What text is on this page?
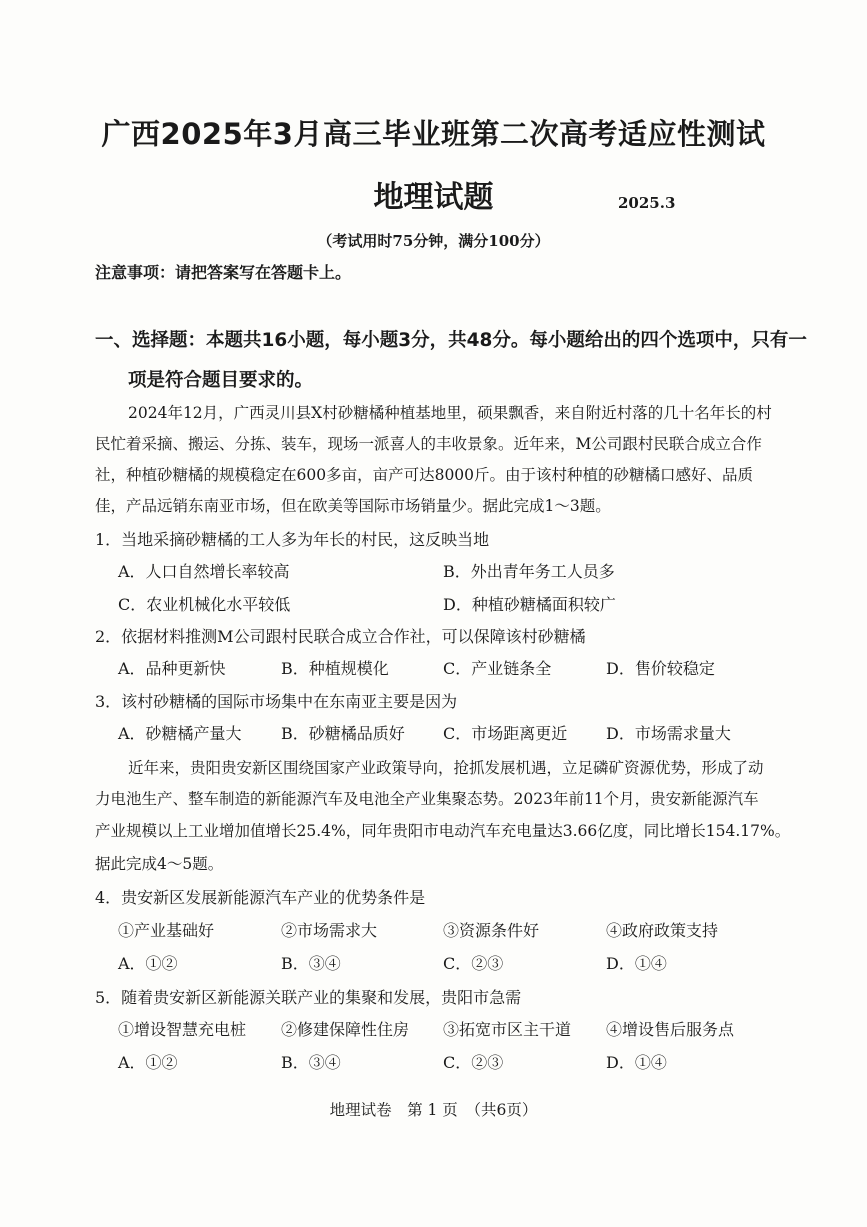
广西2025年3月高三毕业班第二次高考适应性测试
地理试题	2025.3
（考试用时75分钟，满分100分）
注意事项：请把答案写在答题卡上。
一、选择题：本题共16小题，每小题3分，共48分。每小题给出的四个选项中，只有一
项是符合题目要求的。
2024年12月，广西灵川县X村砂糖橘种植基地里，硕果飘香，来自附近村落的几十名年长的村
民忙着采摘、搬运、分拣、装车，现场一派喜人的丰收景象。近年来，M公司跟村民联合成立合作
社，种植砂糖橘的规模稳定在600多亩，亩产可达8000斤。由于该村种植的砂糖橘口感好、品质
佳，产品远销东南亚市场，但在欧美等国际市场销量少。据此完成1～3题。
1．当地采摘砂糖橘的工人多为年长的村民，这反映当地
A．人口自然增长率较高	B．外出青年务工人员多
C．农业机械化水平较低	D．种植砂糖橘面积较广
2．依据材料推测M公司跟村民联合成立合作社，可以保障该村砂糖橘
A．品种更新快	B．种植规模化	C．产业链条全	D．售价较稳定
3．该村砂糖橘的国际市场集中在东南亚主要是因为
A．砂糖橘产量大 B．砂糖橘品质好 C．市场距离更近 D．市场需求量大
近年来，贵阳贵安新区围绕国家产业政策导向，抢抓发展机遇，立足磷矿资源优势，形成了动
力电池生产、整车制造的新能源汽车及电池全产业集聚态势。2023年前11个月，贵安新能源汽车
产业规模以上工业增加值增长25.4%，同年贵阳市电动汽车充电量达3.66亿度，同比增长154.17%。
据此完成4～5题。
4．贵安新区发展新能源汽车产业的优势条件是
①产业基础好	②市场需求大	③资源条件好	④政府政策支持
A．①②	B．③④	C．②③	D．①④
5．随着贵安新区新能源关联产业的集聚和发展，贵阳市急需
①增设智慧充电桩 ②修建保障性住房 ③拓宽市区主干道 ④增设售后服务点
A．①②	B．③④	C．②③	D．①④
地理试卷　第 1 页　（共6页）
